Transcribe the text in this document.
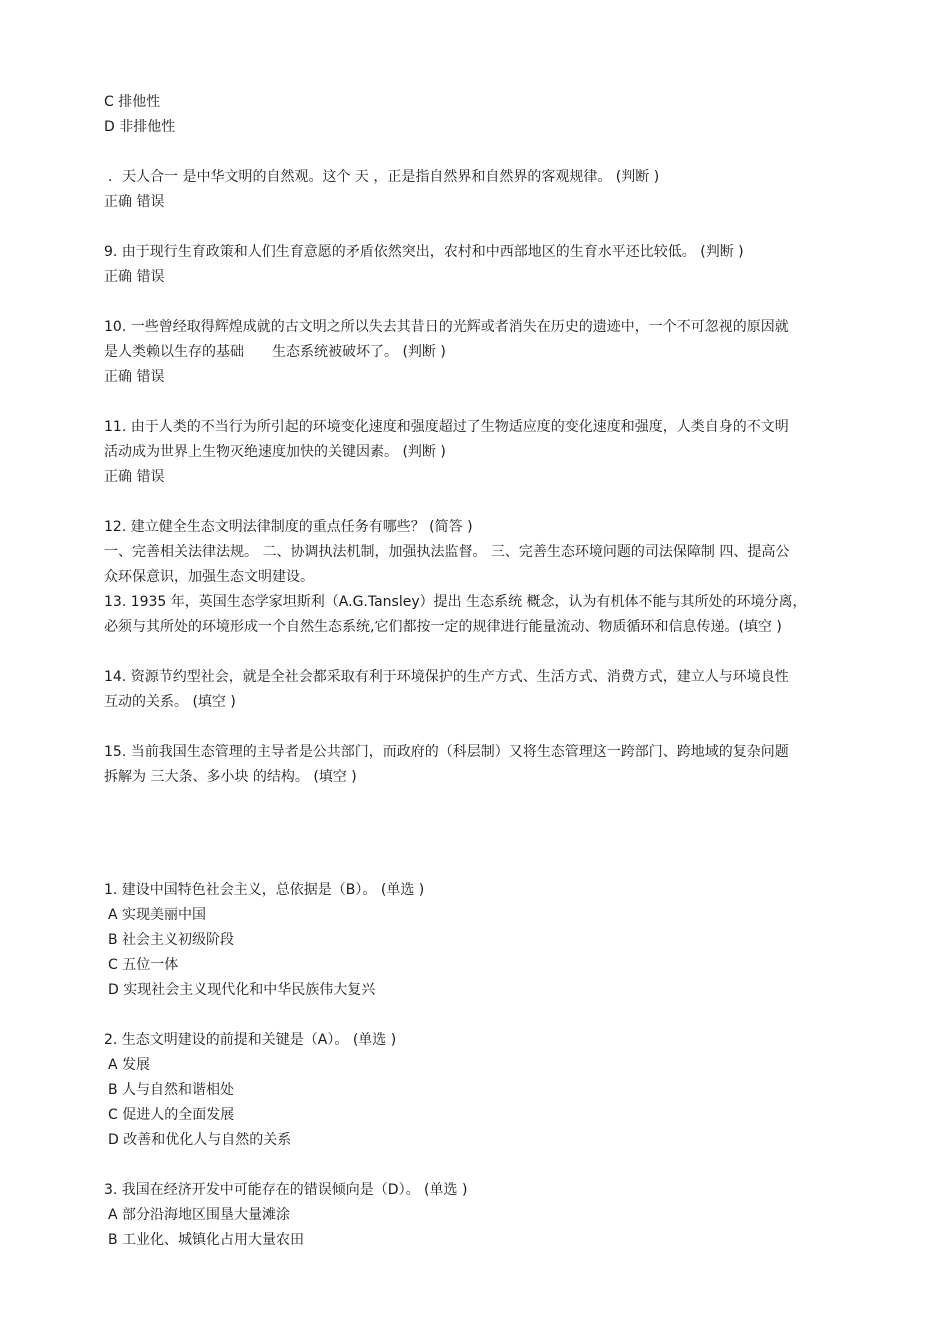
C 排他性
D 非排他性
．天人合一 是中华文明的自然观。这个 天 ，正是指自然界和自然界的客观规律。 (判断 )
正确 错误
9. 由于现行生育政策和人们生育意愿的矛盾依然突出，农村和中西部地区的生育水平还比较低。 (判断 )
正确 错误
10. 一些曾经取得辉煌成就的古文明之所以失去其昔日的光辉或者消失在历史的遗迹中，一个不可忽视的原因就
是人类赖以生存的基础　　生态系统被破坏了。 (判断 )
正确 错误
11. 由于人类的不当行为所引起的环境变化速度和强度超过了生物适应度的变化速度和强度，人类自身的不文明
活动成为世界上生物灭绝速度加快的关键因素。 (判断 )
正确 错误
12. 建立健全生态文明法律制度的重点任务有哪些？ (简答 )
一、完善相关法律法规。 二、协调执法机制，加强执法监督。 三、完善生态环境问题的司法保障制 四、提高公
众环保意识，加强生态文明建设。
13. 1935 年，英国生态学家坦斯利（A.G.Tansley）提出 生态系统 概念，认为有机体不能与其所处的环境分离，
必须与其所处的环境形成一个自然生态系统,它们都按一定的规律进行能量流动、物质循环和信息传递。(填空 )
14. 资源节约型社会，就是全社会都采取有利于环境保护的生产方式、生活方式、消费方式，建立人与环境良性
互动的关系。 (填空 )
15. 当前我国生态管理的主导者是公共部门，而政府的（科层制）又将生态管理这一跨部门、跨地域的复杂问题
拆解为 三大条、多小块 的结构。 (填空 )
1. 建设中国特色社会主义，总依据是（B）。 (单选 )
A 实现美丽中国
B 社会主义初级阶段
C 五位一体
D 实现社会主义现代化和中华民族伟大复兴
2. 生态文明建设的前提和关键是（A）。 (单选 )
A 发展
B 人与自然和谐相处
C 促进人的全面发展
D 改善和优化人与自然的关系
3. 我国在经济开发中可能存在的错误倾向是（D）。 (单选 )
A 部分沿海地区围垦大量滩涂
B 工业化、城镇化占用大量农田
